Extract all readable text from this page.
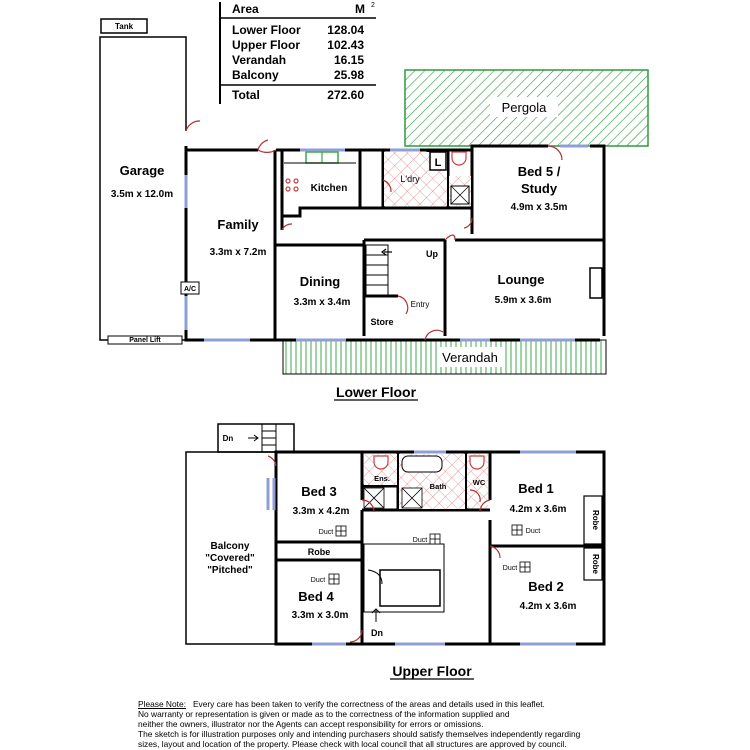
Area	M 2
Lower Floor 128.04
Upper Floor 102.43
Verandah	16.15
Balcony	25.98
Total	272.60
Tank
Pergola
Verandah
Panel Lift
Garage
3.5m x 12.0m
L
L'dry
Kitchen
A/C
Family
3.3m x 7.2m
Dining
3.3m x 3.4m
Store
Entry
Up
Bed 5 /
Study
4.9m x 3.5m
Lounge
5.9m x 3.6m
Lower Floor
Dn
Balcony
"Covered"
"Pitched"
Ens.
Bath	WC
Robe
Robe
Robe
Dn
Duct
Duct
Duct
Duct
Duct
Bed 3
3.3m x 4.2m
Bed 1
4.2m x 3.6m
Bed 4
3.3m x 3.0m
Bed 2
4.2m x 3.6m
Upper Floor
Please Note: Every care has been taken to verify the correctness of the areas and details used in this leaflet.
No warranty or representation is given or made as to the correctness of the information supplied and
neither the owners, illustrator nor the Agents can accept responsibility for errors or omissions.
The sketch is for illustration purposes only and intending purchasers should satisfy themselves independently regarding
sizes, layout and location of the property. Please check with local council that all structures are approved by council.
